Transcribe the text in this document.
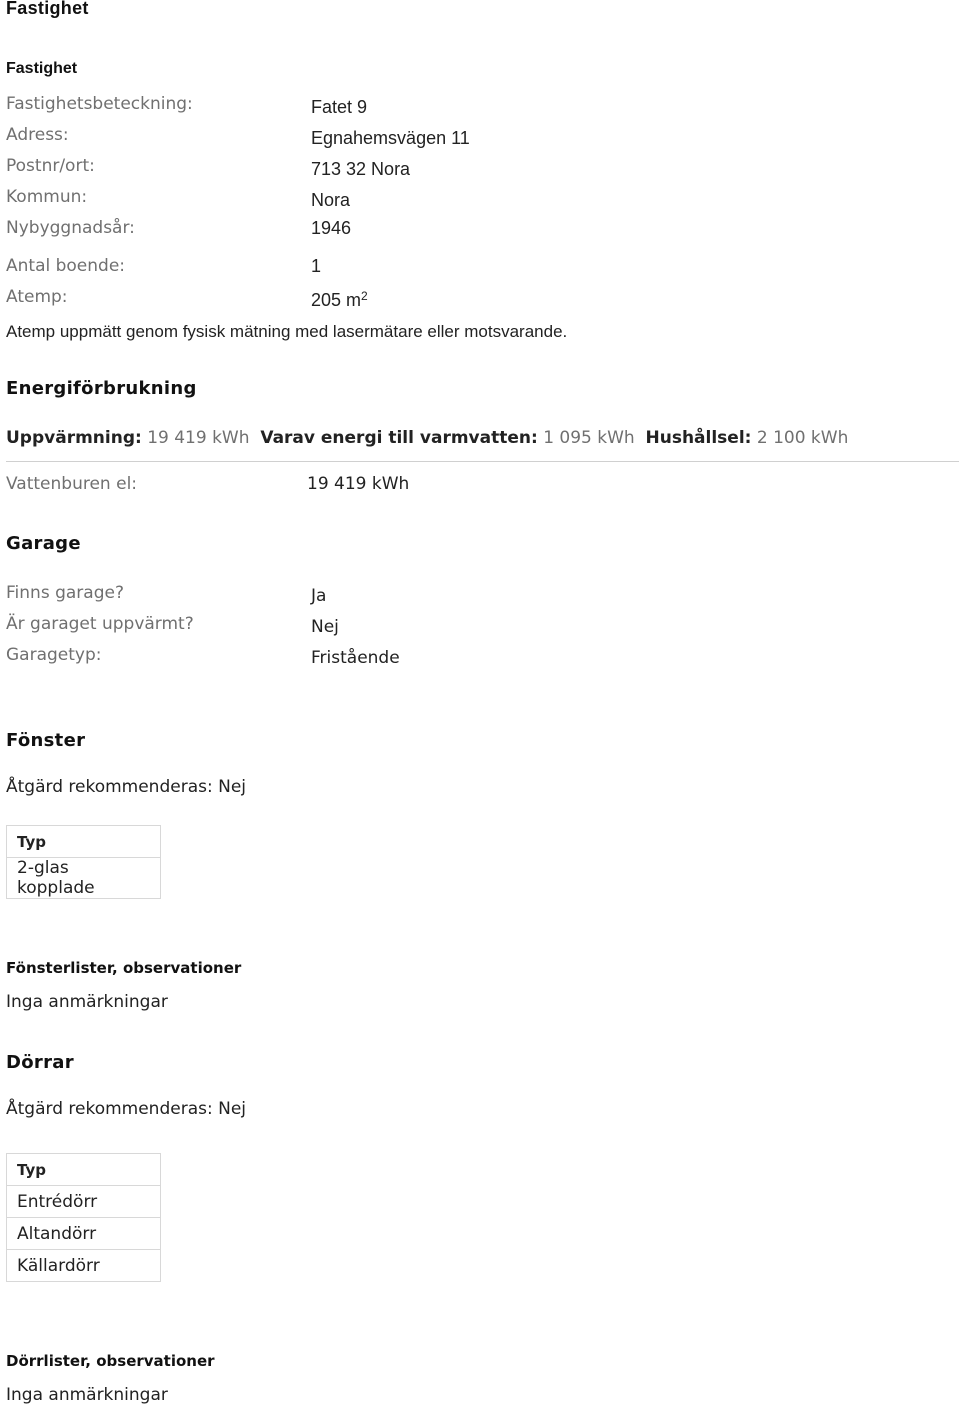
Fastighet
Fastighet
Fastighetsbeteckning:	Fatet 9
Adress:	Egnahemsvägen 11
Postnr/ort:	713 32 Nora
Kommun:	Nora
Nybyggnadsår:	1946
Antal boende:	1
Atemp:	205 $m^2$
Atemp uppmätt genom fysisk mätning med lasermätare eller motsvarande.
Energiförbrukning
Uppvärmning: 19 419 kWh Varav energi till varmvatten: 1 095 kWh Hushållsel: 2 100 kWh
Vattenburen el:	19 419 kWh
Garage
Finns garage?	Ja
Är garaget uppvärmt?	Nej
Garagetyp:	Fristående
Fönster
Åtgärd rekommenderas: Nej
Typ
2-glas kopplade
Fönsterlister, observationer
Inga anmärkningar
Dörrar
Åtgärd rekommenderas: Nej
Typ
Entrédörr
Altandörr
Källardörr
Dörrlister, observationer
Inga anmärkningar
